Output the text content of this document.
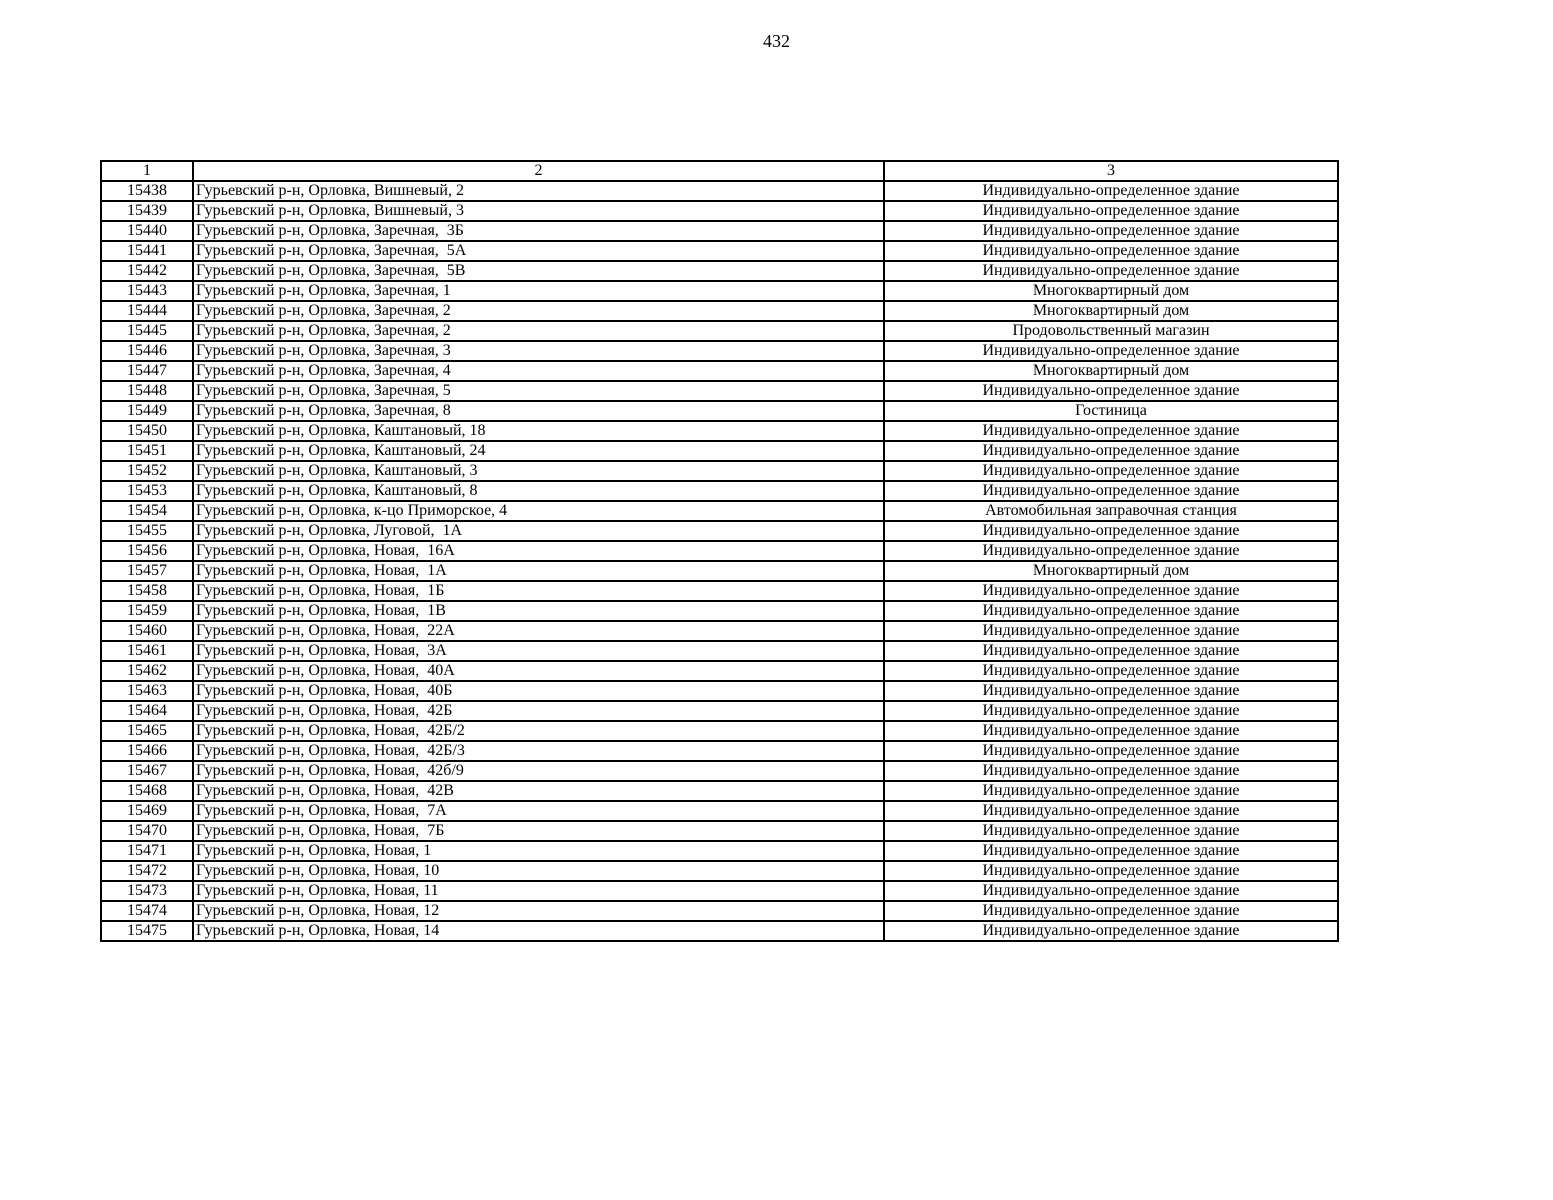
432
1	2	3
15438	Гурьевский р-н, Орловка, Вишневый, 2	Индивидуально-определенное здание
15439	Гурьевский р-н, Орловка, Вишневый, 3	Индивидуально-определенное здание
15440	Гурьевский р-н, Орловка, Заречная,  3Б	Индивидуально-определенное здание
15441	Гурьевский р-н, Орловка, Заречная,  5А	Индивидуально-определенное здание
15442	Гурьевский р-н, Орловка, Заречная,  5В	Индивидуально-определенное здание
15443	Гурьевский р-н, Орловка, Заречная, 1	Многоквартирный дом
15444	Гурьевский р-н, Орловка, Заречная, 2	Многоквартирный дом
15445	Гурьевский р-н, Орловка, Заречная, 2	Продовольственный магазин
15446	Гурьевский р-н, Орловка, Заречная, 3	Индивидуально-определенное здание
15447	Гурьевский р-н, Орловка, Заречная, 4	Многоквартирный дом
15448	Гурьевский р-н, Орловка, Заречная, 5	Индивидуально-определенное здание
15449	Гурьевский р-н, Орловка, Заречная, 8	Гостиница
15450	Гурьевский р-н, Орловка, Каштановый, 18	Индивидуально-определенное здание
15451	Гурьевский р-н, Орловка, Каштановый, 24	Индивидуально-определенное здание
15452	Гурьевский р-н, Орловка, Каштановый, 3	Индивидуально-определенное здание
15453	Гурьевский р-н, Орловка, Каштановый, 8	Индивидуально-определенное здание
15454	Гурьевский р-н, Орловка, к-цо Приморское, 4	Автомобильная заправочная станция
15455	Гурьевский р-н, Орловка, Луговой,  1А	Индивидуально-определенное здание
15456	Гурьевский р-н, Орловка, Новая,  16А	Индивидуально-определенное здание
15457	Гурьевский р-н, Орловка, Новая,  1А	Многоквартирный дом
15458	Гурьевский р-н, Орловка, Новая,  1Б	Индивидуально-определенное здание
15459	Гурьевский р-н, Орловка, Новая,  1В	Индивидуально-определенное здание
15460	Гурьевский р-н, Орловка, Новая,  22А	Индивидуально-определенное здание
15461	Гурьевский р-н, Орловка, Новая,  3А	Индивидуально-определенное здание
15462	Гурьевский р-н, Орловка, Новая,  40А	Индивидуально-определенное здание
15463	Гурьевский р-н, Орловка, Новая,  40Б	Индивидуально-определенное здание
15464	Гурьевский р-н, Орловка, Новая,  42Б	Индивидуально-определенное здание
15465	Гурьевский р-н, Орловка, Новая,  42Б/2	Индивидуально-определенное здание
15466	Гурьевский р-н, Орловка, Новая,  42Б/3	Индивидуально-определенное здание
15467	Гурьевский р-н, Орловка, Новая,  42б/9	Индивидуально-определенное здание
15468	Гурьевский р-н, Орловка, Новая,  42В	Индивидуально-определенное здание
15469	Гурьевский р-н, Орловка, Новая,  7А	Индивидуально-определенное здание
15470	Гурьевский р-н, Орловка, Новая,  7Б	Индивидуально-определенное здание
15471	Гурьевский р-н, Орловка, Новая, 1	Индивидуально-определенное здание
15472	Гурьевский р-н, Орловка, Новая, 10	Индивидуально-определенное здание
15473	Гурьевский р-н, Орловка, Новая, 11	Индивидуально-определенное здание
15474	Гурьевский р-н, Орловка, Новая, 12	Индивидуально-определенное здание
15475	Гурьевский р-н, Орловка, Новая, 14	Индивидуально-определенное здание
